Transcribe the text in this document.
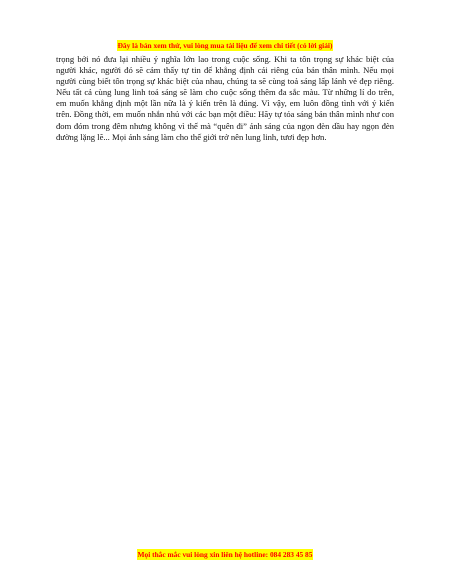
Đây là bản xem thử, vui lòng mua tài liệu để xem chi tiết (có lời giải)

trọng bởi nó đưa lại nhiều ý nghĩa lớn lao trong cuộc sống. Khi ta tôn trọng sự khác biệt của người khác, người đó sẽ cảm thấy tự tin để khẳng định cái riêng của bản thân mình. Nếu mọi người cùng biết tôn trọng sự khác biệt của nhau, chúng ta sẽ cùng toả sáng lấp lánh vẻ đẹp riêng. Nếu tất cả cùng lung linh toả sáng sẽ làm cho cuộc sống thêm đa sắc màu. Từ những lí do trên, em muốn khẳng định một lần nữa là ý kiến trên là đúng. Vì vậy, em luôn đồng tình với ý kiến trên. Đồng thời, em muốn nhắn nhủ với các bạn một điều: Hãy tự tỏa sáng bản thân mình như con đom đóm trong đêm nhưng không vì thế mà “quên đi” ánh sáng của ngọn đèn dầu hay ngọn đèn đường lặng lẽ... Mọi ánh sáng làm cho thế giới trở nên lung linh, tươi đẹp hơn.

Mọi thắc mắc vui lòng xin liên hệ hotline: 084 283 45 85
